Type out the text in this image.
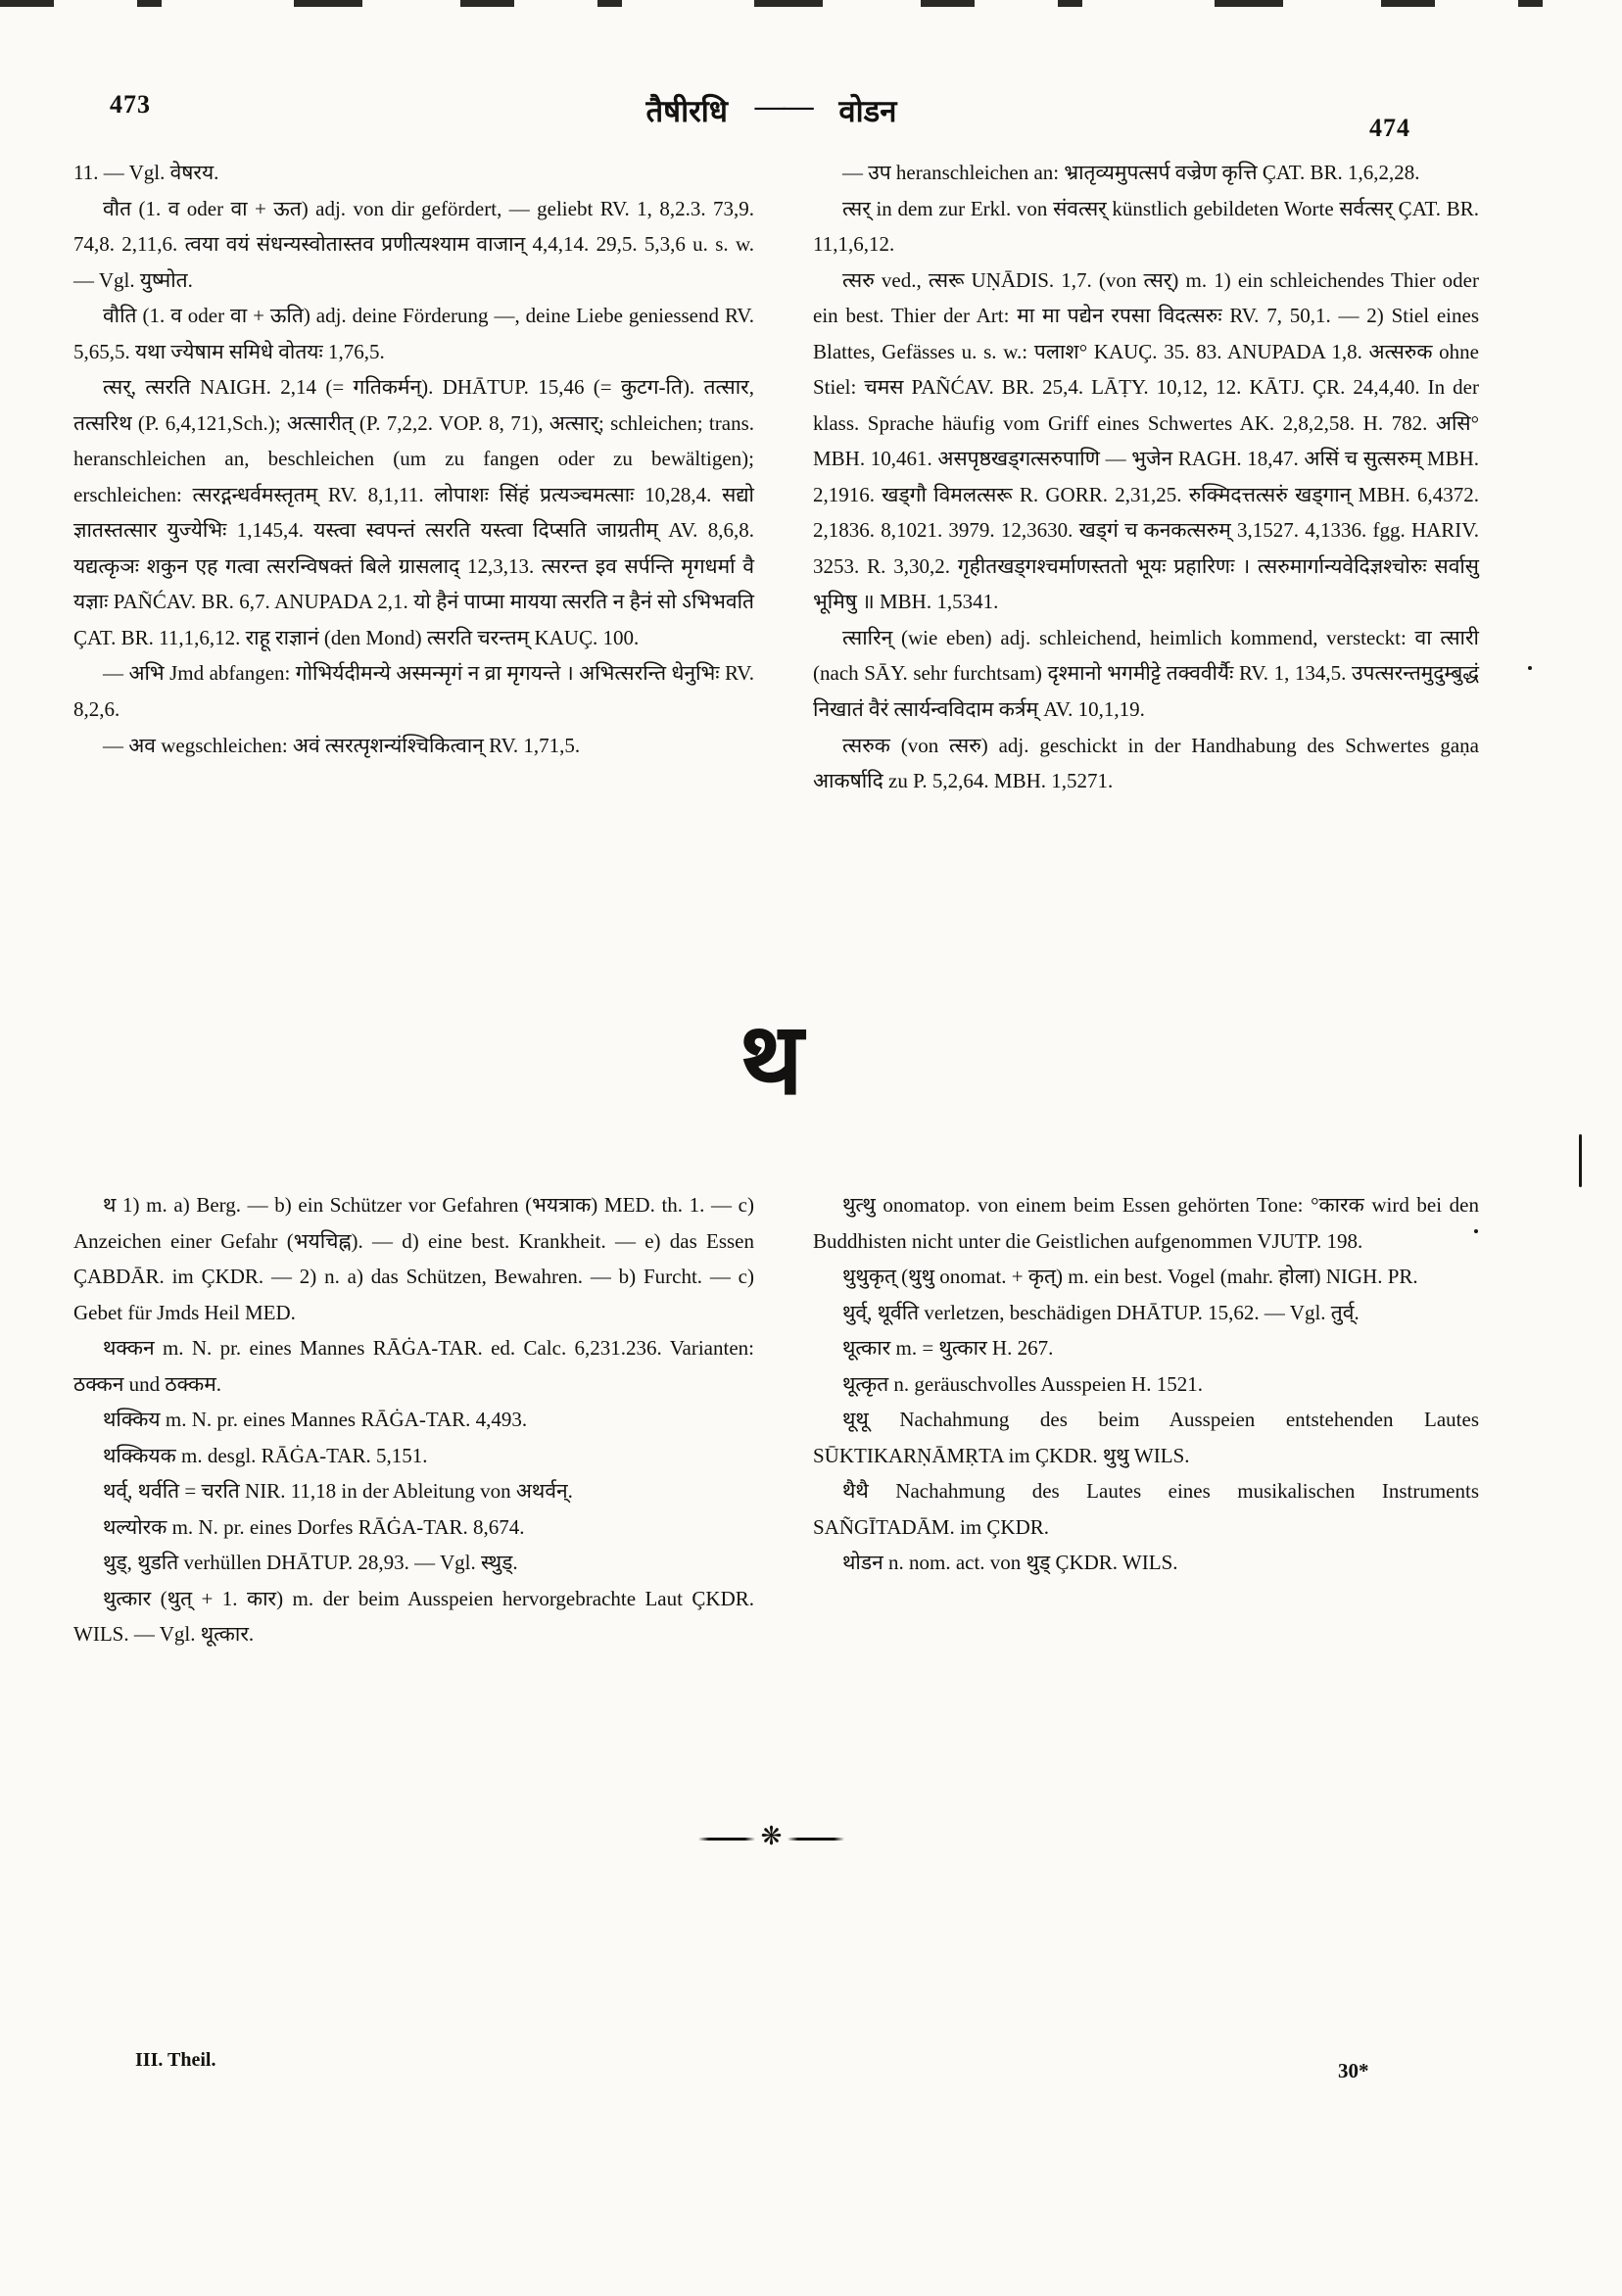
473	तैषीरधि —— वोडन	474

11. — Vgl. वेषरय.

वौत (1. व oder वा + ऊत) adj. von dir gefördert, — geliebt RV. 1, 8,2.3. 73,9. 74,8. 2,11,6. त्वया वयं संधन्यस्वोतास्तव प्रणीत्यश्याम वाजान् 4,4,14. 29,5. 5,3,6 u. s. w. — Vgl. युष्मोत.

वौति (1. व oder वा + ऊति) adj. deine Förderung —, deine Liebe geniessend RV. 5,65,5. यथा ज्येषाम समिधे वोतयः 1,76,5.

त्सर्, त्सरति NAIGH. 2,14 (= गतिकर्मन्). DHĀTUP. 15,46 (= कुटग-ति). तत्सार, तत्सरिथ (P. 6,4,121,Sch.); अत्सारीत् (P. 7,2,2. VOP. 8, 71), अत्सार्; schleichen; trans. heranschleichen an, beschleichen (um zu fangen oder zu bewältigen); erschleichen: त्सरद्गन्धर्वमस्तृतम् RV. 8,1,11. लोपाशः सिंहं प्रत्यञ्चमत्साः 10,28,4. सद्यो ज्ञातस्तत्सार युज्येभिः 1,145,4. यस्त्वा स्वपन्तं त्सरति यस्त्वा दिप्सति जाग्रतीम् AV. 8,6,8. यद्यत्कृञः शकुन एह गत्वा त्सरन्विषक्तं बिले ग्रासलाद् 12,3,13. त्सरन्त इव सर्पन्ति मृगधर्मा वै यज्ञाः PAÑĆAV. BR. 6,7. ANUPADA 2,1. यो हैनं पाप्मा मायया त्सरति न हैनं सो ऽभिभवति ÇAT. BR. 11,1,6,12. राहू राज्ञानं (den Mond) त्सरति चरन्तम् KAUÇ. 100.

— अभि Jmd abfangen: गोभिर्यदीमन्ये अस्मन्मृगं न व्रा मृगयन्ते । अभित्सरन्ति धेनुभिः RV. 8,2,6.

— अव wegschleichen: अवं त्सरत्पृशन्यंश्चिकित्वान् RV. 1,71,5.

— उप heranschleichen an: भ्रातृव्यमुपत्सर्प वज्रेण कृत्ति ÇAT. BR. 1,6,2,28.

त्सर् in dem zur Erkl. von संवत्सर् künstlich gebildeten Worte सर्वत्सर् ÇAT. BR. 11,1,6,12.

त्सरु ved., त्सरू UṆĀDIS. 1,7. (von त्सर्) m. 1) ein schleichendes Thier oder ein best. Thier der Art: मा मा पद्येन रपसा विदत्सरुः RV. 7, 50,1. — 2) Stiel eines Blattes, Gefässes u. s. w.: पलाश° KAUÇ. 35. 83. ANUPADA 1,8. अत्सरुक ohne Stiel: चमस PAÑĆAV. BR. 25,4. LĀṬY. 10,12, 12. KĀTJ. ÇR. 24,4,40. In der klass. Sprache häufig vom Griff eines Schwertes AK. 2,8,2,58. H. 782. असि° MBH. 10,461. असपृष्ठखड्गत्सरुपाणि — भुजेन RAGH. 18,47. असिं च सुत्सरुम् MBH. 2,1916. खड्गौ विमलत्सरू R. GORR. 2,31,25. रुक्मिदत्तत्सरुं खड्गान् MBH. 6,4372. 2,1836. 8,1021. 3979. 12,3630. खड्गं च कनकत्सरुम् 3,1527. 4,1336. fgg. HARIV. 3253. R. 3,30,2. गृहीतखड्गश्चर्माणस्ततो भूयः प्रहारिणः । त्सरुमार्गान्यवेदिज्ञश्चोरुः सर्वासु भूमिषु ॥ MBH. 1,5341.

त्सारिन् (wie eben) adj. schleichend, heimlich kommend, versteckt: वा त्सारी (nach SĀY. sehr furchtsam) दृश्मानो भगमीट्टे तक्ववीर्यैः RV. 1, 134,5. उपत्सरन्तमुदुम्बुद्धं निखातं वैरं त्सार्यन्वविदाम कर्त्रम् AV. 10,1,19.

त्सरुक (von त्सरु) adj. geschickt in der Handhabung des Schwertes gaṇa आकर्षादि zu P. 5,2,64. MBH. 1,5271.

थ

थ 1) m. a) Berg. — b) ein Schützer vor Gefahren (भयत्राक) MED. th. 1. — c) Anzeichen einer Gefahr (भयचिह्न). — d) eine best. Krankheit. — e) das Essen ÇABDĀR. im ÇKDR. — 2) n. a) das Schützen, Bewahren. — b) Furcht. — c) Gebet für Jmds Heil MED.

थक्कन m. N. pr. eines Mannes RĀĠA-TAR. ed. Calc. 6,231.236. Varianten: ठक्कन und ठक्कम.

थक्किय m. N. pr. eines Mannes RĀĠA-TAR. 4,493.

थक्कियक m. desgl. RĀĠA-TAR. 5,151.

थर्व्, थर्वति = चरति NIR. 11,18 in der Ableitung von अथर्वन्.

थल्योरक m. N. pr. eines Dorfes RĀĠA-TAR. 8,674.

थुड्, थुडति verhüllen DHĀTUP. 28,93. — Vgl. स्थुड्.

थुत्कार (थुत् + 1. कार) m. der beim Ausspeien hervorgebrachte Laut ÇKDR. WILS. — Vgl. थूत्कार.

थुत्थु onomatop. von einem beim Essen gehörten Tone: °कारक wird bei den Buddhisten nicht unter die Geistlichen aufgenommen VJUTP. 198.

थुथुकृत् (थुथु onomat. + कृत्) m. ein best. Vogel (mahr. होला) NIGH. PR.

थुर्व्, थूर्वति verletzen, beschädigen DHĀTUP. 15,62. — Vgl. तुर्व्.

थूत्कार m. = थुत्कार H. 267.

थूत्कृत n. geräuschvolles Ausspeien H. 1521.

थूथू Nachahmung des beim Ausspeien entstehenden Lautes SŪKTIKARṆĀMṚTA im ÇKDR. थुथु WILS.

थैथै Nachahmung des Lautes eines musikalischen Instruments SAÑGĪTADĀM. im ÇKDR.

थोडन n. nom. act. von थुड् ÇKDR. WILS.

❋
III. Theil.	30*
